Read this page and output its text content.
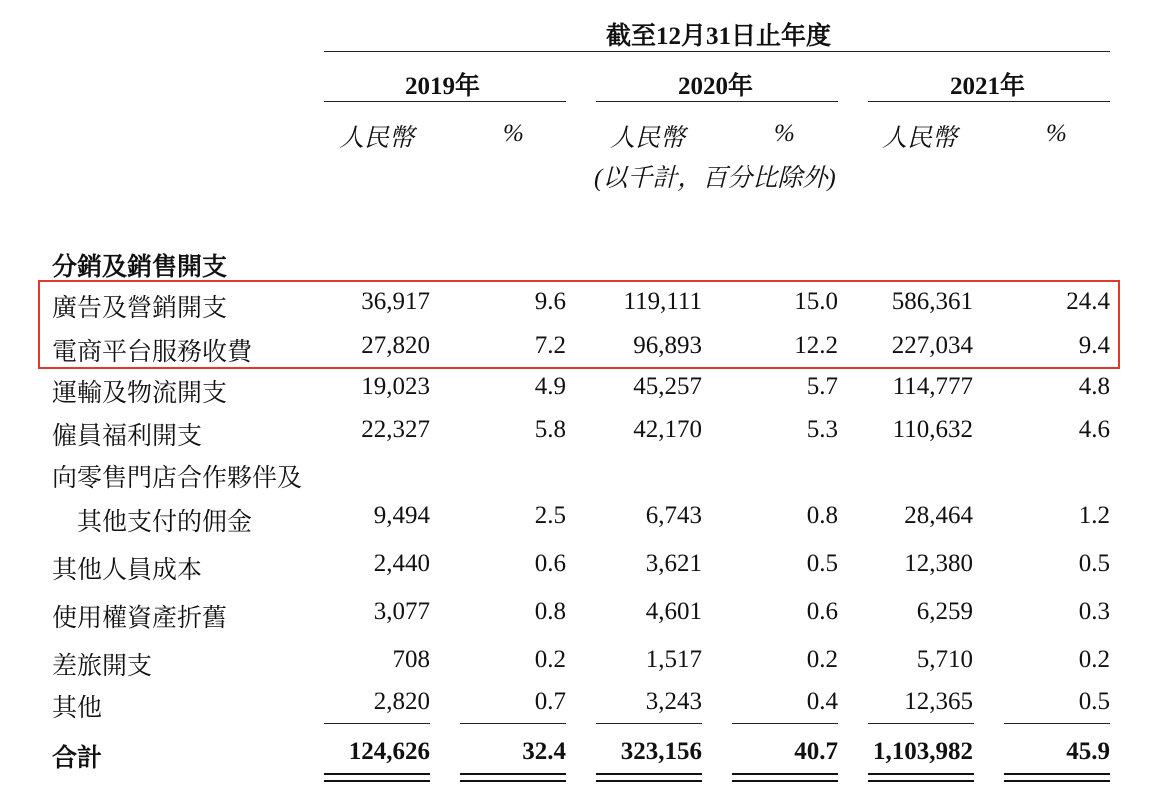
截至12月31日止年度
2019年	2020年	2021年
人民幣	%	人民幣	%	人民幣	%
(以千計，百分比除外)
分銷及銷售開支
廣告及營銷開支	36,917	9.6	119,111	15.0	586,361	24.4
電商平台服務收費	27,820	7.2	96,893	12.2	227,034	9.4
運輸及物流開支	19,023	4.9	45,257	5.7	114,777	4.8
僱員福利開支	22,327	5.8	42,170	5.3	110,632	4.6
向零售門店合作夥伴及
其他支付的佣金	9,494	2.5	6,743	0.8	28,464	1.2
其他人員成本	2,440	0.6	3,621	0.5	12,380	0.5
使用權資產折舊	3,077	0.8	4,601	0.6	6,259	0.3
差旅開支	708	0.2	1,517	0.2	5,710	0.2
其他	2,820	0.7	3,243	0.4	12,365	0.5
合計	124,626	32.4	323,156	40.7	1,103,982	45.9
